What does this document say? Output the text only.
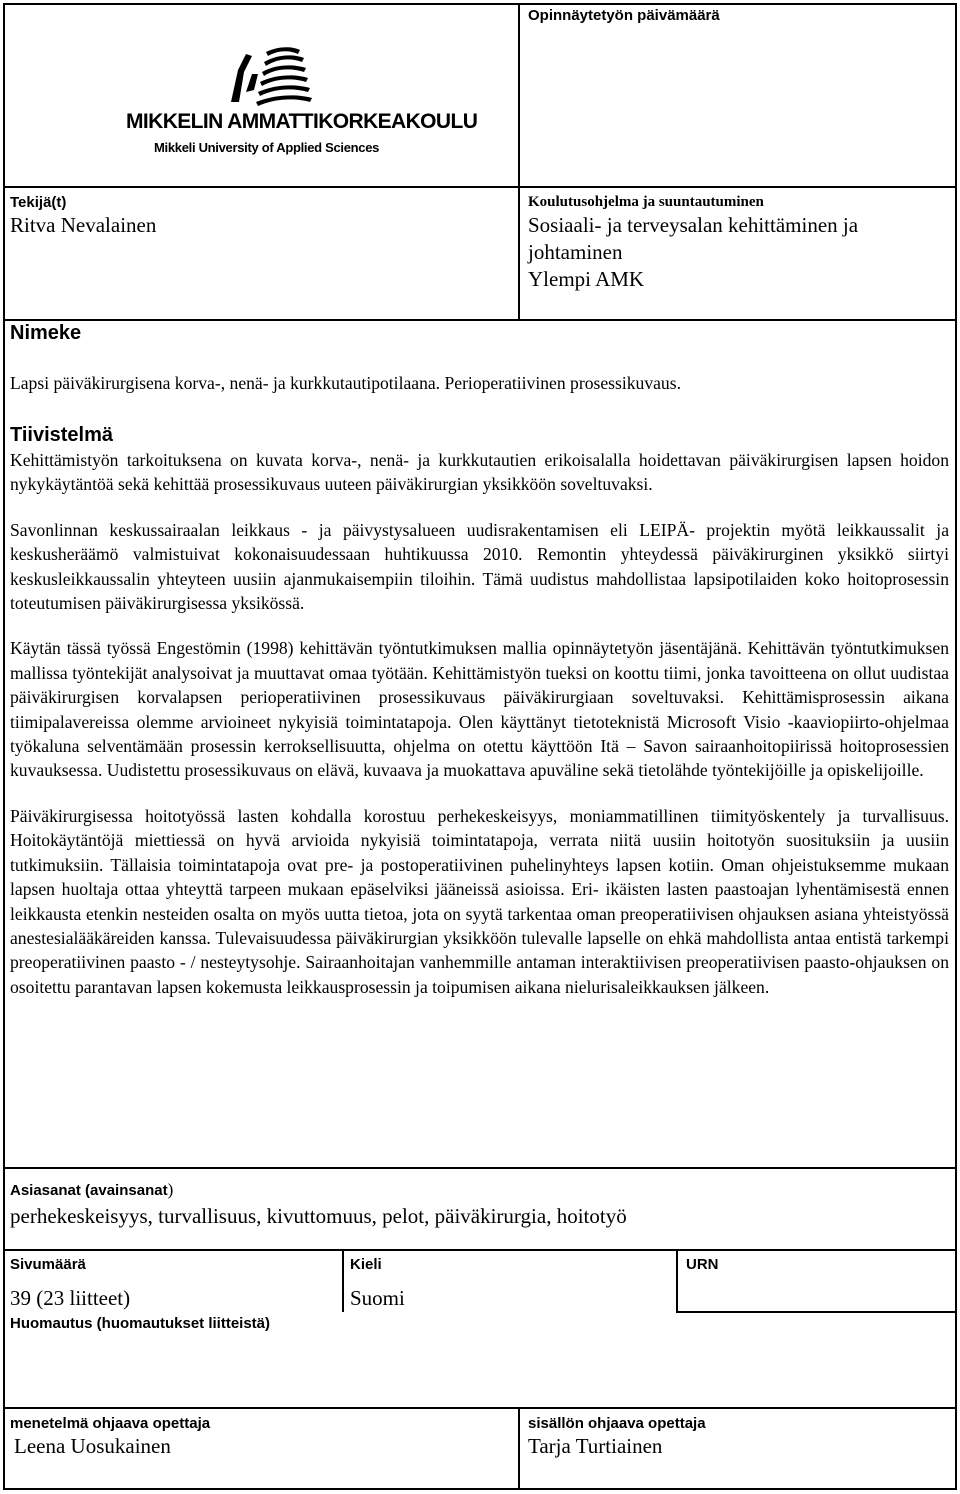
Opinnäytetyön päivämäärä
MIKKELIN AMMATTIKORKEAKOULU
Mikkeli University of Applied Sciences
Tekijä(t)
Ritva Nevalainen
Koulutusohjelma ja suuntautuminen
Sosiaali- ja terveysalan kehittäminen ja
johtaminen
Ylempi AMK
Nimeke
Lapsi päiväkirurgisena korva-, nenä- ja kurkkutautipotilaana. Perioperatiivinen prosessikuvaus.
Tiivistelmä

Kehittämistyön tarkoituksena on kuvata korva-, nenä- ja kurkkutautien erikoisalalla hoidettavan päiväkirurgisen lapsen hoidon nykykäytäntöä sekä kehittää prosessikuvaus uuteen päiväkirurgian yksikköön soveltuvaksi.

Savonlinnan keskussairaalan leikkaus - ja päivystysalueen uudisrakentamisen eli LEIPÄ- projektin myötä leikkaussalit ja keskusheräämö valmistuivat kokonaisuudessaan huhtikuussa 2010. Remontin yhteydessä päiväkirurginen yksikkö siirtyi keskusleikkaussalin yhteyteen uusiin ajanmukaisempiin tiloihin. Tämä uudistus mahdollistaa lapsipotilaiden koko hoitoprosessin toteutumisen päiväkirurgisessa yksikössä.

Käytän tässä työssä Engestömin (1998) kehittävän työntutkimuksen mallia opinnäytetyön jäsentäjänä. Kehittävän työntutkimuksen mallissa työntekijät analysoivat ja muuttavat omaa työtään. Kehittämistyön tueksi on koottu tiimi, jonka tavoitteena on ollut uudistaa päiväkirurgisen korvalapsen perioperatiivinen prosessikuvaus päiväkirurgiaan soveltuvaksi. Kehittämisprosessin aikana tiimipalavereissa olemme arvioineet nykyisiä toimintatapoja. Olen käyttänyt tietoteknistä Microsoft Visio -kaaviopiirto-ohjelmaa työkaluna selventämään prosessin kerroksellisuutta, ohjelma on otettu käyttöön Itä – Savon sairaanhoitopiirissä hoitoprosessien kuvauksessa. Uudistettu prosessikuvaus on elävä, kuvaava ja muokattava apuväline sekä tietolähde työntekijöille ja opiskelijoille.

Päiväkirurgisessa hoitotyössä lasten kohdalla korostuu perhekeskeisyys, moniammatillinen tiimityöskentely ja turvallisuus. Hoitokäytäntöjä miettiessä on hyvä arvioida nykyisiä toimintatapoja, verrata niitä uusiin hoitotyön suosituksiin ja uusiin tutkimuksiin. Tällaisia toimintatapoja ovat pre- ja postoperatiivinen puhelinyhteys lapsen kotiin. Oman ohjeistuksemme mukaan lapsen huoltaja ottaa yhteyttä tarpeen mukaan epäselviksi jääneissä asioissa. Eri- ikäisten lasten paastoajan lyhentämisestä ennen leikkausta etenkin nesteiden osalta on myös uutta tietoa, jota on syytä tarkentaa oman preoperatiivisen ohjauksen asiana yhteistyössä anestesialääkäreiden kanssa. Tulevaisuudessa päiväkirurgian yksikköön tulevalle lapselle on ehkä mahdollista antaa entistä tarkempi preoperatiivinen paasto - / nesteytysohje. Sairaanhoitajan vanhemmille antaman interaktiivisen preoperatiivisen paasto-ohjauksen on osoitettu parantavan lapsen kokemusta leikkausprosessin ja toipumisen aikana nielurisaleikkauksen jälkeen.

Asiasanat (avainsanat)
perhekeskeisyys, turvallisuus, kivuttomuus, pelot, päiväkirurgia, hoitotyö
Sivumäärä
39 (23 liitteet)
Kieli
Suomi
URN
Huomautus (huomautukset liitteistä)
menetelmä ohjaava opettaja
Leena Uosukainen
sisällön ohjaava opettaja
Tarja Turtiainen
